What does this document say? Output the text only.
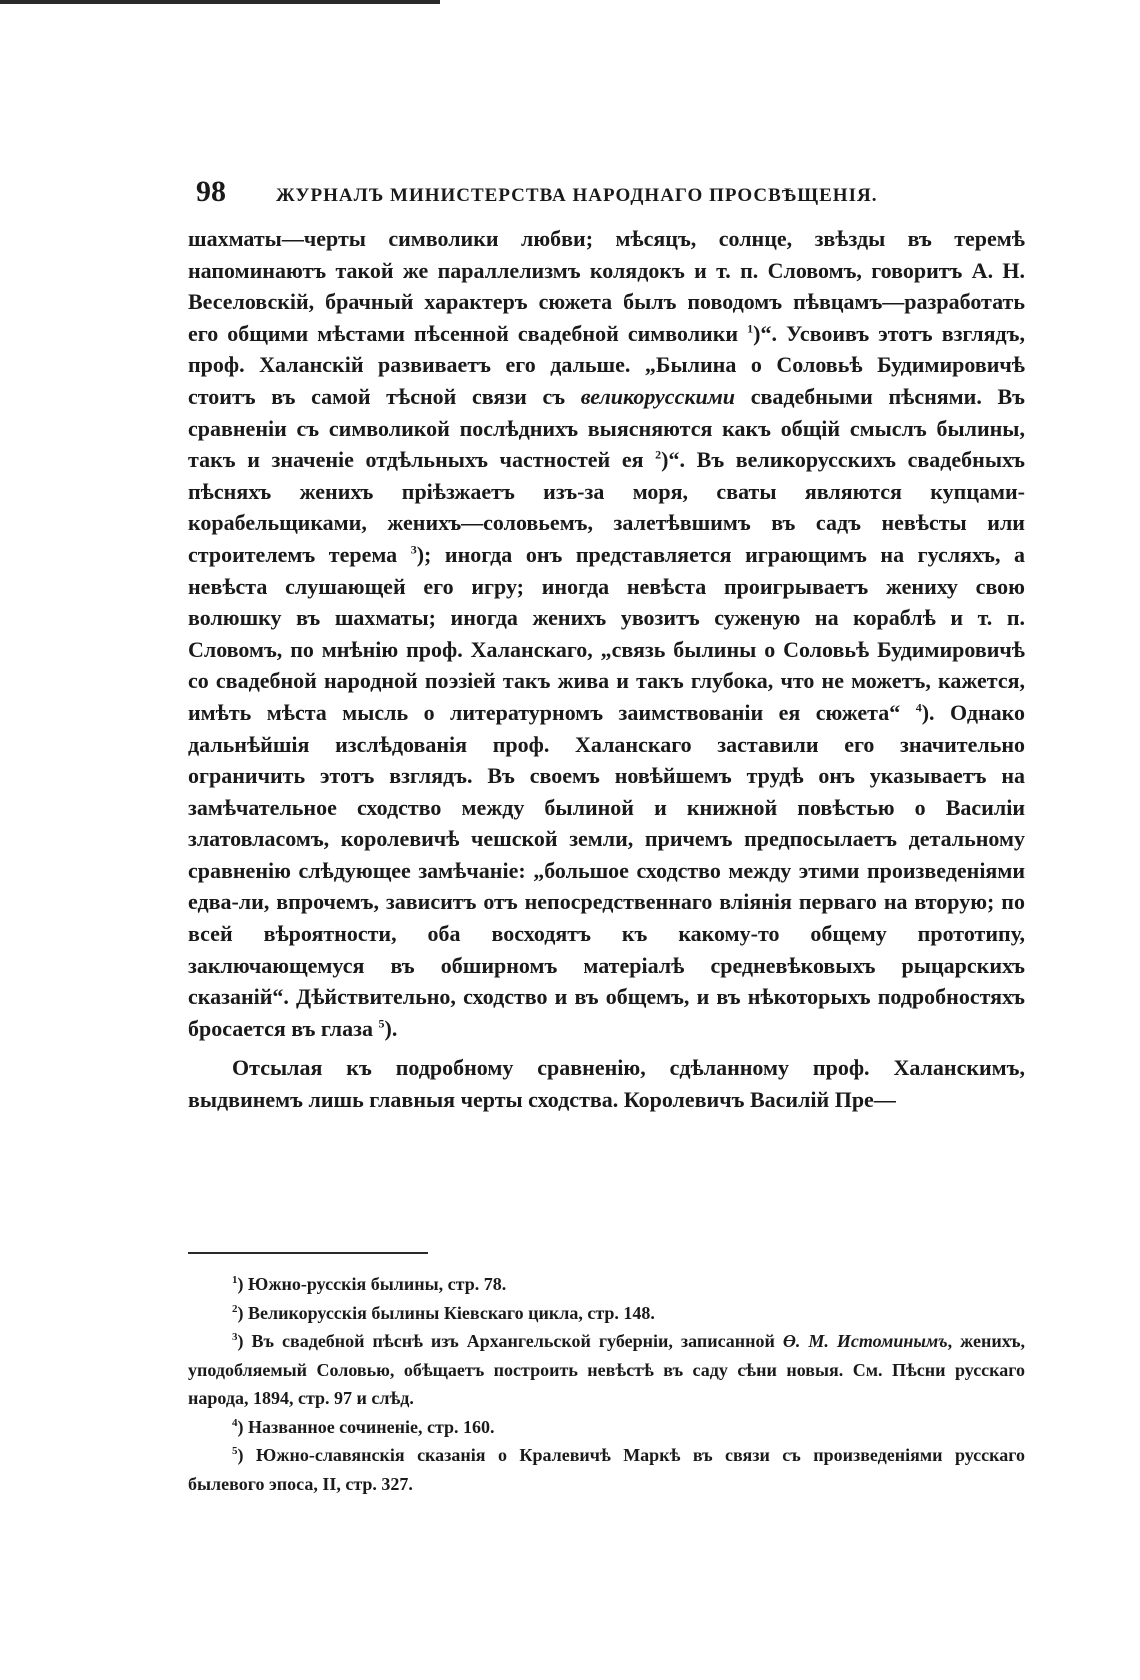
98	ЖУРНАЛЪ МИНИСТЕРСТВА НАРОДНАГО ПРОСВѢЩЕНІЯ.

шахматы—черты символики любви; мѣсяцъ, солнце, звѣзды въ теремѣ напоминаютъ такой же параллелизмъ колядокъ и т. п. Словомъ, говоритъ А. Н. Веселовскій, брачный характеръ сюжета былъ поводомъ пѣвцамъ—разработать его общими мѣстами пѣсенной свадебной символики $^1$)“. Усвоивъ этотъ взглядъ, проф. Халанскій развиваетъ его дальше. „Былина о Соловьѣ Будимировичѣ стоитъ въ самой тѣсной связи съ великорусскими свадебными пѣснями. Въ сравненіи съ символикой послѣднихъ выясняются какъ общій смыслъ былины, такъ и значеніе отдѣльныхъ частностей ея $^2$)“. Въ великорусскихъ свадебныхъ пѣсняхъ женихъ пріѣзжаетъ изъ-за моря, сваты являются купцами-корабельщиками, женихъ—соловьемъ, залетѣвшимъ въ садъ невѣсты или строителемъ терема $^3$); иногда онъ представляется играющимъ на гусляхъ, а невѣста слушающей его игру; иногда невѣста проигрываетъ жениху свою волюшку въ шахматы; иногда женихъ увозитъ суженую на кораблѣ и т. п. Словомъ, по мнѣнію проф. Халанскаго, „связь былины о Соловьѣ Будимировичѣ со свадебной народной поэзіей такъ жива и такъ глубока, что не можетъ, кажется, имѣть мѣста мысль о литературномъ заимствованіи ея сюжета“ $^4$). Однако дальнѣйшія изслѣдованія проф. Халанскаго заставили его значительно ограничить этотъ взглядъ. Въ своемъ новѣйшемъ трудѣ онъ указываетъ на замѣчательное сходство между былиной и книжной повѣстью о Василіи златовласомъ, королевичѣ чешской земли, причемъ предпосылаетъ детальному сравненію слѣдующее замѣчаніе: „большое сходство между этими произведеніями едва-ли, впрочемъ, зависитъ отъ непосредственнаго вліянія перваго на вторую; по всей вѣроятности, оба восходятъ къ какому-то общему прототипу, заключающемуся въ обширномъ матеріалѣ средневѣковыхъ рыцарскихъ сказаній“. Дѣйствительно, сходство и въ общемъ, и въ нѣкоторыхъ подробностяхъ бросается въ глаза $^5$).

Отсылая къ подробному сравненію, сдѣланному проф. Халанскимъ, выдвинемъ лишь главныя черты сходства. Королевичъ Василій Пре—

$^1$) Южно-русскія былины, стр. 78.

$^2$) Великорусскія былины Кіевскаго цикла, стр. 148.

$^3$) Въ свадебной пѣснѣ изъ Архангельской губерніи, записанной Ө. М. Истоминымъ, женихъ, уподобляемый Соловью, обѣщаетъ построить невѣстѣ въ саду сѣни новыя. См. Пѣсни русскаго народа, 1894, стр. 97 и слѣд.

$^4$) Названное сочиненіе, стр. 160.

$^5$) Южно-славянскія сказанія о Кралевичѣ Маркѣ въ связи съ произведеніями русскаго былевого эпоса, II, стр. 327.
